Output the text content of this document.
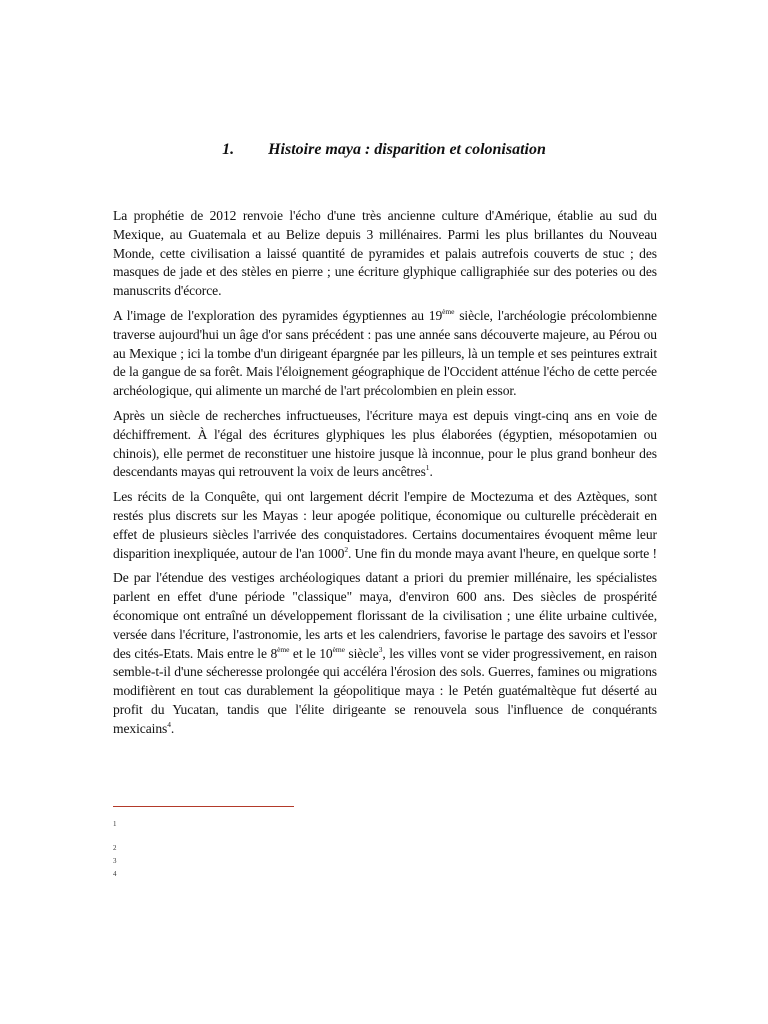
1. Histoire maya : disparition et colonisation

La prophétie de 2012 renvoie l'écho d'une très ancienne culture d'Amérique, établie au sud du Mexique, au Guatemala et au Belize depuis 3 millénaires. Parmi les plus brillantes du Nouveau Monde, cette civilisation a laissé quantité de pyramides et palais autrefois couverts de stuc ; des masques de jade et des stèles en pierre ; une écriture glyphique calligraphiée sur des poteries ou des manuscrits d'écorce.

A l'image de l'exploration des pyramides égyptiennes au 19ème siècle, l'archéologie précolombienne traverse aujourd'hui un âge d'or sans précédent : pas une année sans découverte majeure, au Pérou ou au Mexique ; ici la tombe d'un dirigeant épargnée par les pilleurs, là un temple et ses peintures extrait de la gangue de sa forêt. Mais l'éloignement géographique de l'Occident atténue l'écho de cette percée archéologique, qui alimente un marché de l'art précolombien en plein essor.

Après un siècle de recherches infructueuses, l'écriture maya est depuis vingt-cinq ans en voie de déchiffrement. À l'égal des écritures glyphiques les plus élaborées (égyptien, mésopotamien ou chinois), elle permet de reconstituer une histoire jusque là inconnue, pour le plus grand bonheur des descendants mayas qui retrouvent la voix de leurs ancêtres$^1$.

Les récits de la Conquête, qui ont largement décrit l'empire de Moctezuma et des Aztèques, sont restés plus discrets sur les Mayas : leur apogée politique, économique ou culturelle précèderait en effet de plusieurs siècles l'arrivée des conquistadores. Certains documentaires évoquent même leur disparition inexpliquée, autour de l'an 1000$^2$. Une fin du monde maya avant l'heure, en quelque sorte !

De par l'étendue des vestiges archéologiques datant a priori du premier millénaire, les spécialistes parlent en effet d'une période "classique" maya, d'environ 600 ans. Des siècles de prospérité économique ont entraîné un développement florissant de la civilisation ; une élite urbaine cultivée, versée dans l'écriture, l'astronomie, les arts et les calendriers, favorise le partage des savoirs et l'essor des cités-Etats. Mais entre le 8ème et le 10ème siècle$^3$, les villes vont se vider progressivement, en raison semble-t-il d'une sécheresse prolongée qui accéléra l'érosion des sols. Guerres, famines ou migrations modifièrent en tout cas durablement la géopolitique maya : le Petén guatémaltèque fut déserté au profit du Yucatan, tandis que l'élite dirigeante se renouvela sous l'influence de conquérants mexicains$^4$.

1
2
3
4
